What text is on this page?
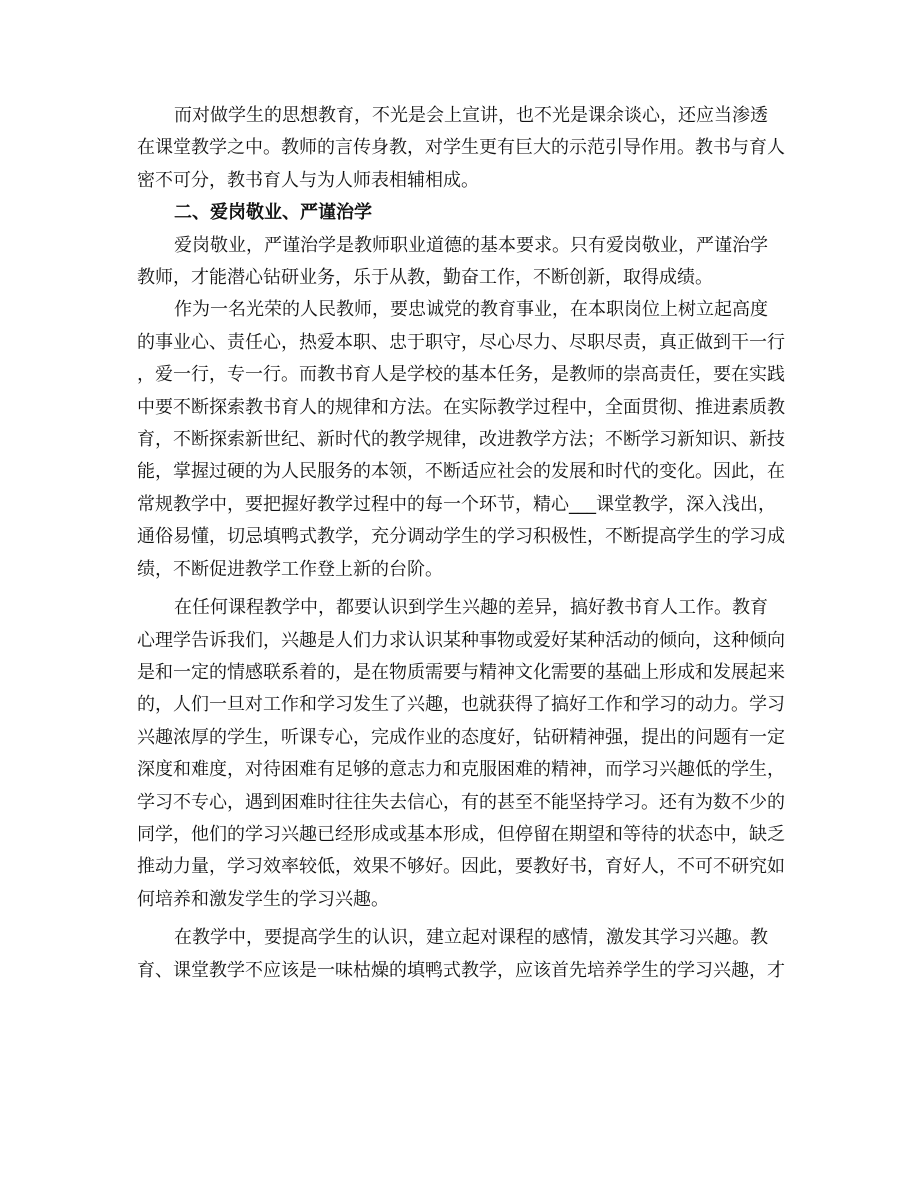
而对做学生的思想教育，不光是会上宣讲，也不光是课余谈心，还应当渗透
在课堂教学之中。教师的言传身教，对学生更有巨大的示范引导作用。教书与育人
密不可分，教书育人与为人师表相辅相成。
二、爱岗敬业、严谨治学
爱岗敬业，严谨治学是教师职业道德的基本要求。只有爱岗敬业，严谨治学
教师，才能潜心钻研业务，乐于从教，勤奋工作，不断创新，取得成绩。
作为一名光荣的人民教师，要忠诚党的教育事业，在本职岗位上树立起高度
的事业心、责任心，热爱本职、忠于职守，尽心尽力、尽职尽责，真正做到干一行
，爱一行，专一行。而教书育人是学校的基本任务，是教师的崇高责任，要在实践
中要不断探索教书育人的规律和方法。在实际教学过程中，全面贯彻、推进素质教
育，不断探索新世纪、新时代的教学规律，改进教学方法；不断学习新知识、新技
能，掌握过硬的为人民服务的本领，不断适应社会的发展和时代的变化。因此，在
常规教学中，要把握好教学过程中的每一个环节，精心___课堂教学，深入浅出，
通俗易懂，切忌填鸭式教学，充分调动学生的学习积极性，不断提高学生的学习成
绩，不断促进教学工作登上新的台阶。
在任何课程教学中，都要认识到学生兴趣的差异，搞好教书育人工作。教育
心理学告诉我们，兴趣是人们力求认识某种事物或爱好某种活动的倾向，这种倾向
是和一定的情感联系着的，是在物质需要与精神文化需要的基础上形成和发展起来
的，人们一旦对工作和学习发生了兴趣，也就获得了搞好工作和学习的动力。学习
兴趣浓厚的学生，听课专心，完成作业的态度好，钻研精神强，提出的问题有一定
深度和难度，对待困难有足够的意志力和克服困难的精神，而学习兴趣低的学生，
学习不专心，遇到困难时往往失去信心，有的甚至不能坚持学习。还有为数不少的
同学，他们的学习兴趣已经形成或基本形成，但停留在期望和等待的状态中，缺乏
推动力量，学习效率较低，效果不够好。因此，要教好书，育好人，不可不研究如
何培养和激发学生的学习兴趣。
在教学中，要提高学生的认识，建立起对课程的感情，激发其学习兴趣。教
育、课堂教学不应该是一味枯燥的填鸭式教学，应该首先培养学生的学习兴趣，才
